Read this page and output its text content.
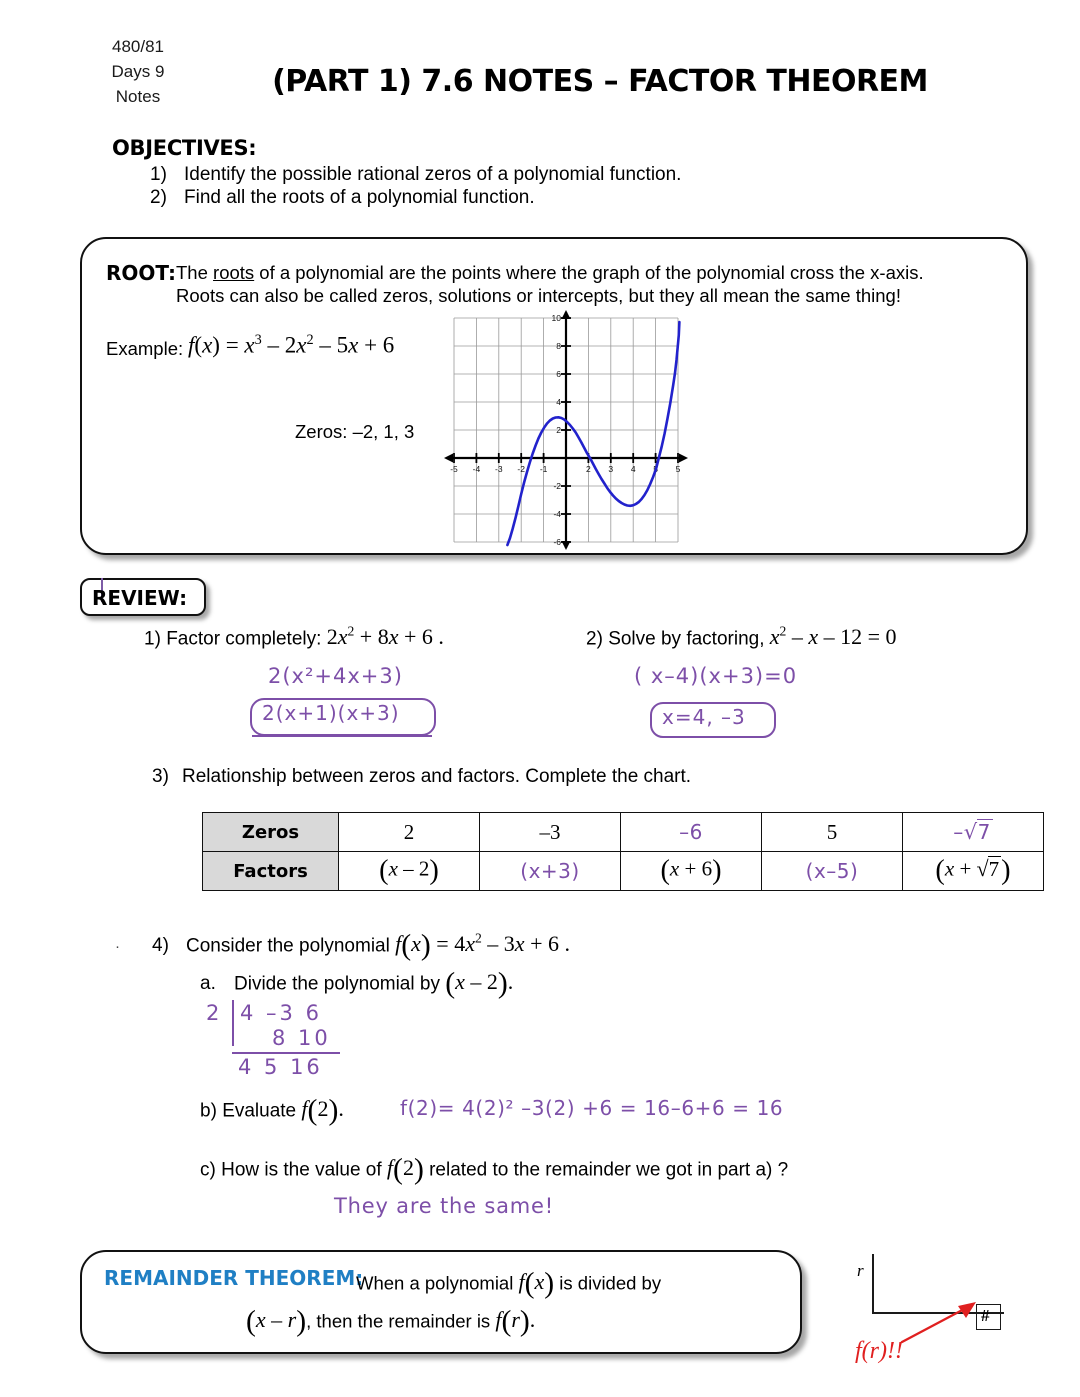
480/81
Days 9
Notes	(PART 1) 7.6 NOTES – FACTOR THEOREM
OBJECTIVES:
1) Identify the possible rational zeros of a polynomial function.
2) Find all the roots of a polynomial function.
ROOT: The roots of a polynomial are the points where the graph of the polynomial cross the x-axis.
Roots can also be called zeros, solutions or intercepts, but they all mean the same thing!
Example: $f(x) = x^3 - 2x^2 - 5x + 6$
Zeros: –2, 1, 3
-5 -4 -3 -2 -1	2 3 4 5 5
10
8
6
4
2
-2
-4
-6
REVIEW:
1) Factor completely: $2x^2 + 8x + 6$ .	2) Solve by factoring, $x^2 - x - 12 = 0$
2(x²+4x+3)
2(x+1)(x+3)
( x–4)(x+3)=0
x=4, –3
3) Relationship between zeros and factors. Complete the chart.
Zeros	2	–3	–6	5	–√7
Factors	(x – 2)	(x+3)	(x + 6)	(x–5)	(x + √7)
· 4) Consider the polynomial $f(x) = 4x^2 - 3x + 6$ .
a. Divide the polynomial by (x – 2).
2 4 –3 6
8 10
4 5 16
b) Evaluate f(2).	f(2)= 4(2)² –3(2) +6 = 16–6+6 = 16
c) How is the value of f(2) related to the remainder we got in part a) ?
They are the same!
REMAINDER THEOREM:
When a polynomial f(x) is divided by
(x – r), then the remainder is f(r).
r
#
f(r)!!
